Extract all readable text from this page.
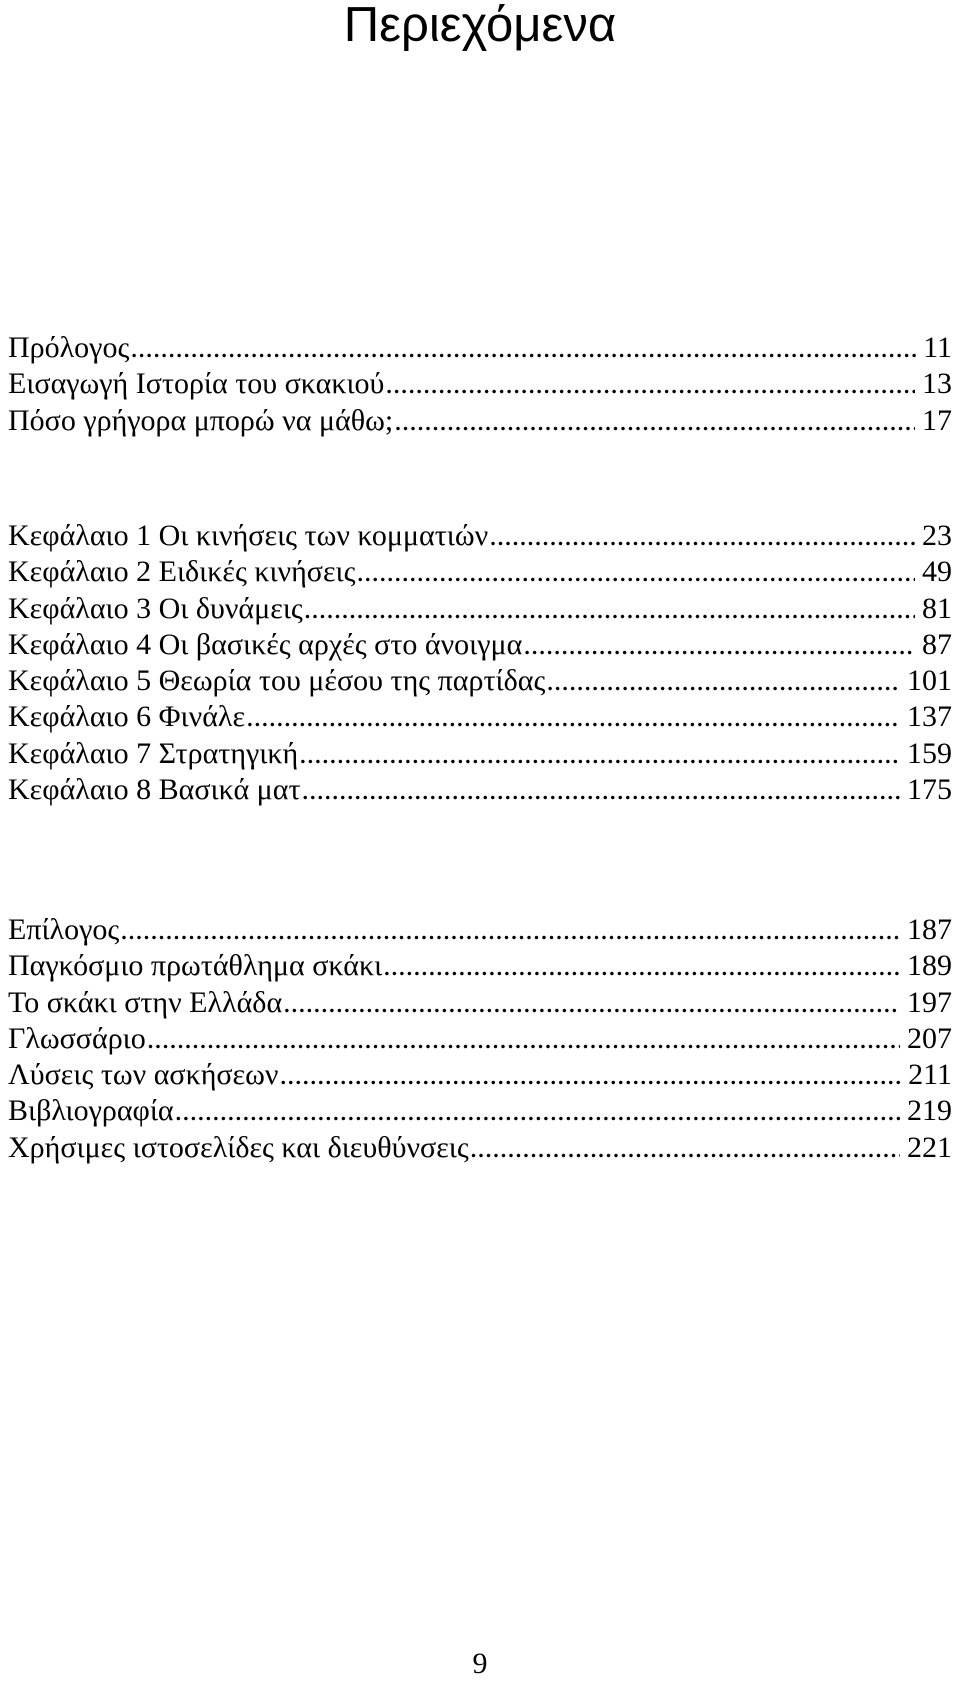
Περιεχόμενα
Πρόλογος .....	11
Εισαγωγή Ιστορία του σκακιού .....	13
Πόσο γρήγορα μπορώ να μάθω; .....	17
Κεφάλαιο 1 Οι κινήσεις των κομματιών .....	23
Κεφάλαιο 2 Ειδικές κινήσεις .....	49
Κεφάλαιο 3 Οι δυνάμεις .....	81
Κεφάλαιο 4 Οι βασικές αρχές στο άνοιγμα .....	87
Κεφάλαιο 5 Θεωρία του μέσου της παρτίδας .....	101
Κεφάλαιο 6 Φινάλε .....	137
Κεφάλαιο 7 Στρατηγική .....	159
Κεφάλαιο 8 Βασικά ματ .....	175
Επίλογος .....	187
Παγκόσμιο πρωτάθλημα σκάκι .....	189
Το σκάκι στην Ελλάδα .....	197
Γλωσσάριο .....	207
Λύσεις των ασκήσεων .....	211
Βιβλιογραφία .....	219
Χρήσιμες ιστοσελίδες και διευθύνσεις .....	221
9
